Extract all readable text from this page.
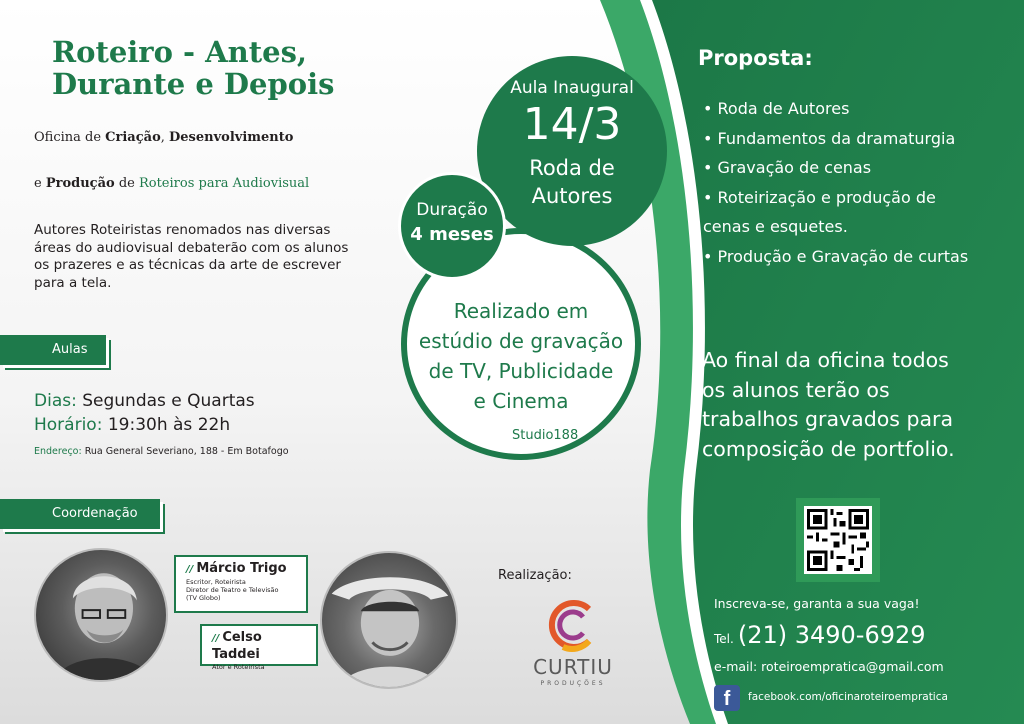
Roteiro - Antes,
Durante e Depois
Oficina de Criação, Desenvolvimento
e Produção de Roteiros para Audiovisual
Autores Roteiristas renomados nas diversas áreas do audiovisual debaterão com os alunos os prazeres e as técnicas da arte de escrever para a tela.
Aulas
Dias: Segundas e Quartas
Horário: 19:30h às 22h
Endereço: Rua General Severiano, 188 - Em Botafogo
Coordenação
// Márcio Trigo
Escritor, Roteirista
Diretor de Teatro e Televisão
(TV Globo)
// Celso Taddei
Ator e Roteirista
Aula Inaugural
14/3
Roda de
Autores
Duração
4 meses
Realizado em
estúdio de gravação
de TV, Publicidade
e Cinema
Studio188
Realização:
CURTIU
PRODUÇÕES
Proposta:
• Roda de Autores
• Fundamentos da dramaturgia
• Gravação de cenas
• Roteirização e produção de
cenas e esquetes.
• Produção e Gravação de curtas
Ao final da oficina todos
os alunos terão os
trabalhos gravados para
composição de portfolio.
Inscreva-se, garanta a sua vaga!
Tel. (21) 3490-6929
e-mail: roteiroempratica@gmail.com
f	facebook.com/oficinaroteiroempratica
